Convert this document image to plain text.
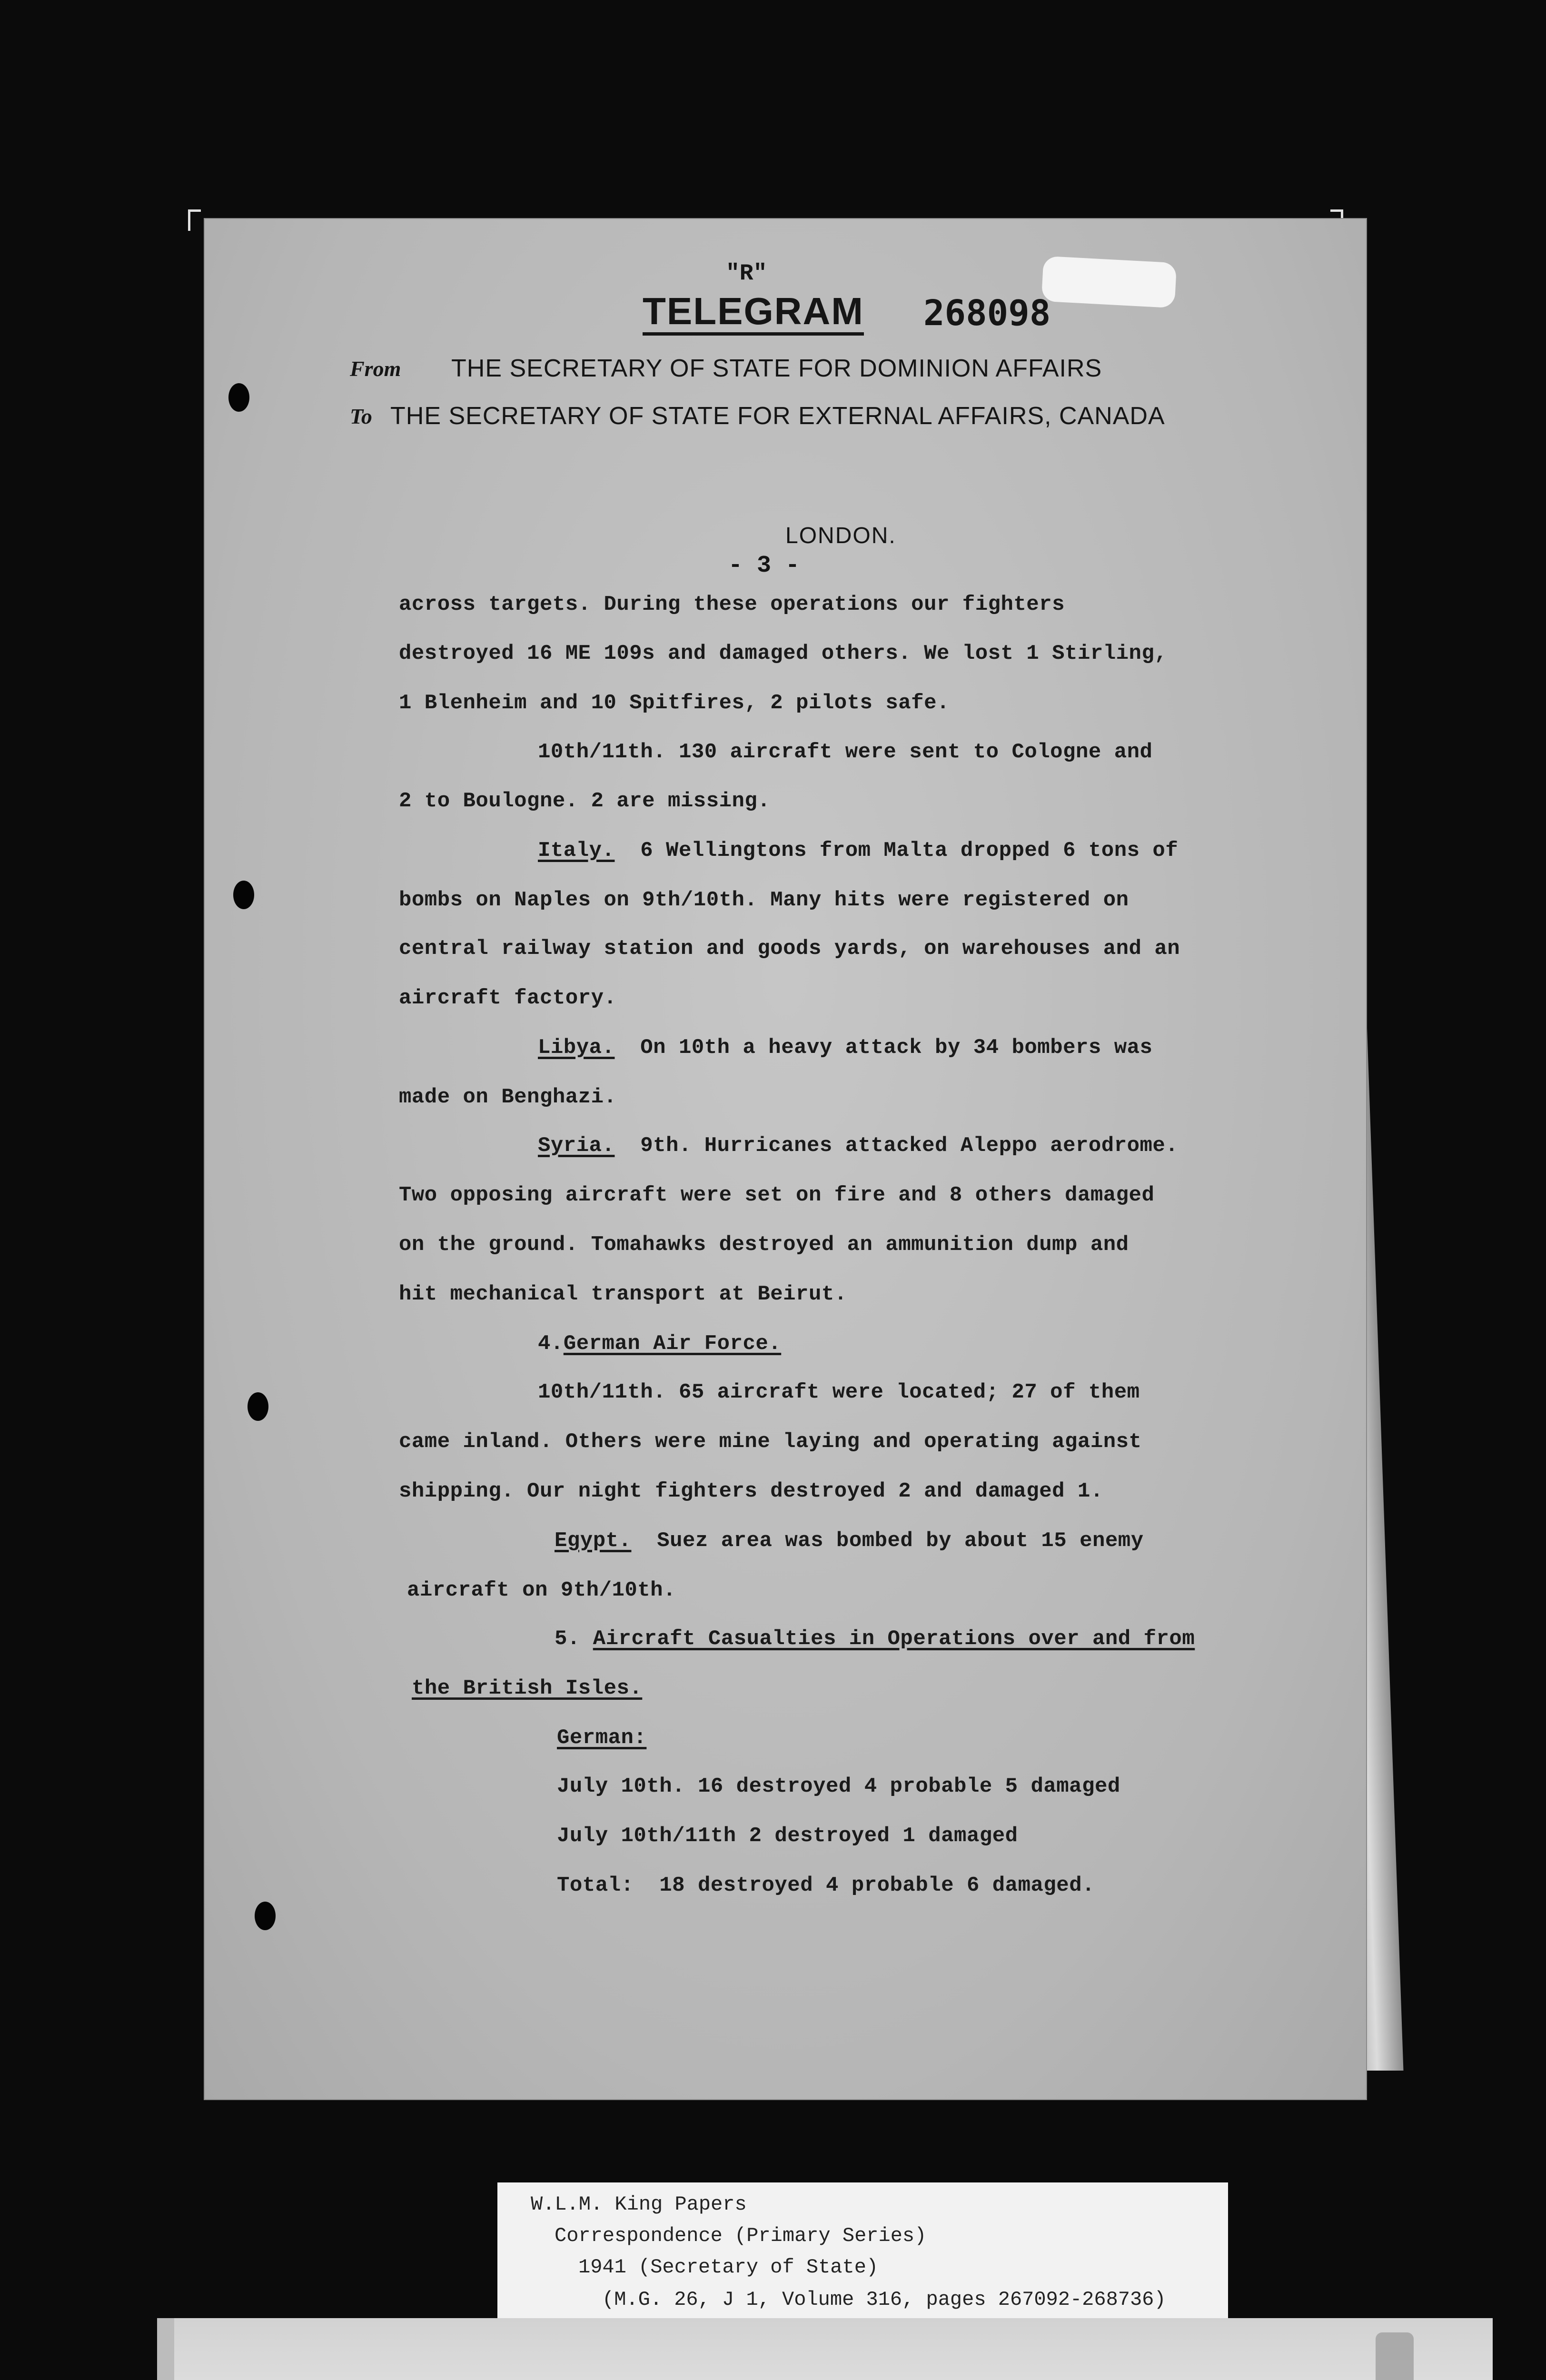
"R"
TELEGRAM 268098
From THE SECRETARY OF STATE FOR DOMINION AFFAIRS
To THE SECRETARY OF STATE FOR EXTERNAL AFFAIRS, CANADA
LONDON.
- 3 -
across targets. During these operations our fighters
destroyed 16 ME 109s and damaged others. We lost 1 Stirling,
1 Blenheim and 10 Spitfires, 2 pilots safe.
10th/11th. 130 aircraft were sent to Cologne and
2 to Boulogne. 2 are missing.
Italy. 6 Wellingtons from Malta dropped 6 tons of
bombs on Naples on 9th/10th. Many hits were registered on
central railway station and goods yards, on warehouses and an
aircraft factory.
Libya. On 10th a heavy attack by 34 bombers was
made on Benghazi.
Syria. 9th. Hurricanes attacked Aleppo aerodrome.
Two opposing aircraft were set on fire and 8 others damaged
on the ground. Tomahawks destroyed an ammunition dump and
hit mechanical transport at Beirut.
4.German Air Force.
10th/11th. 65 aircraft were located; 27 of them
came inland. Others were mine laying and operating against
shipping. Our night fighters destroyed 2 and damaged 1.
Egypt. Suez area was bombed by about 15 enemy
aircraft on 9th/10th.
5. Aircraft Casualties in Operations over and from
the British Isles.
German:
July 10th. 16 destroyed 4 probable 5 damaged
July 10th/11th 2 destroyed 1 damaged
Total: 18 destroyed 4 probable 6 damaged.
W.L.M. King Papers
Correspondence (Primary Series)
1941 (Secretary of State)
(M.G. 26, J 1, Volume 316, pages 267092-268736)
